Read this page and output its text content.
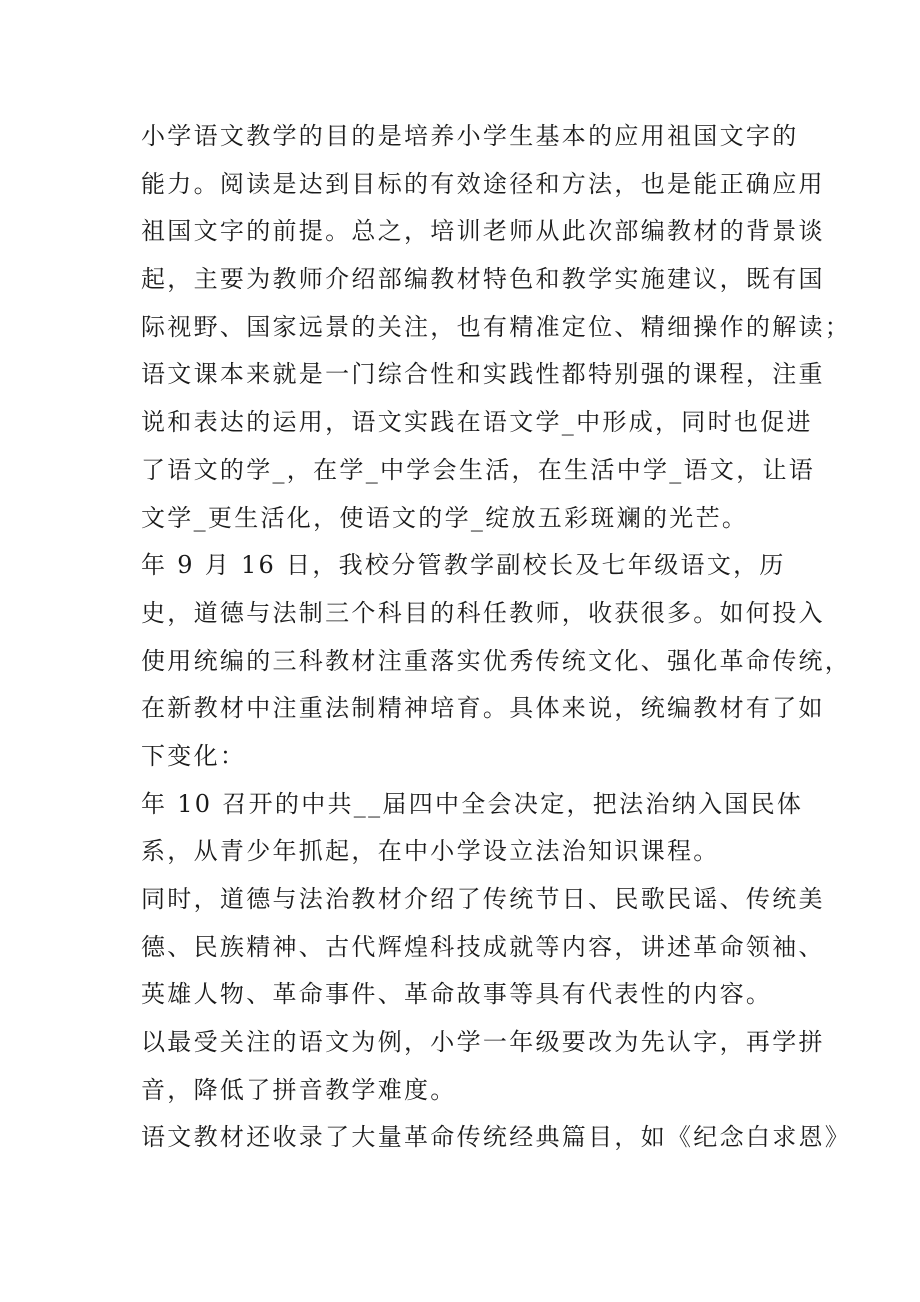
小学语文教学的目的是培养小学生基本的应用祖国文字的
能力。阅读是达到目标的有效途径和方法，也是能正确应用
祖国文字的前提。总之，培训老师从此次部编教材的背景谈
起，主要为教师介绍部编教材特色和教学实施建议，既有国
际视野、国家远景的关注，也有精准定位、精细操作的解读；
语文课本来就是一门综合性和实践性都特别强的课程，注重
说和表达的运用，语文实践在语文学_中形成，同时也促进
了语文的学_，在学_中学会生活，在生活中学_语文，让语
文学_更生活化，使语文的学_绽放五彩斑斓的光芒。
年 9 月 16 日，我校分管教学副校长及七年级语文，历
史，道德与法制三个科目的科任教师，收获很多。如何投入
使用统编的三科教材注重落实优秀传统文化、强化革命传统，
在新教材中注重法制精神培育。具体来说，统编教材有了如
下变化：
年 10 召开的中共__届四中全会决定，把法治纳入国民体
系，从青少年抓起，在中小学设立法治知识课程。
同时，道德与法治教材介绍了传统节日、民歌民谣、传统美
德、民族精神、古代辉煌科技成就等内容，讲述革命领袖、
英雄人物、革命事件、革命故事等具有代表性的内容。
以最受关注的语文为例，小学一年级要改为先认字，再学拼
音，降低了拼音教学难度。
语文教材还收录了大量革命传统经典篇目，如《纪念白求恩》
